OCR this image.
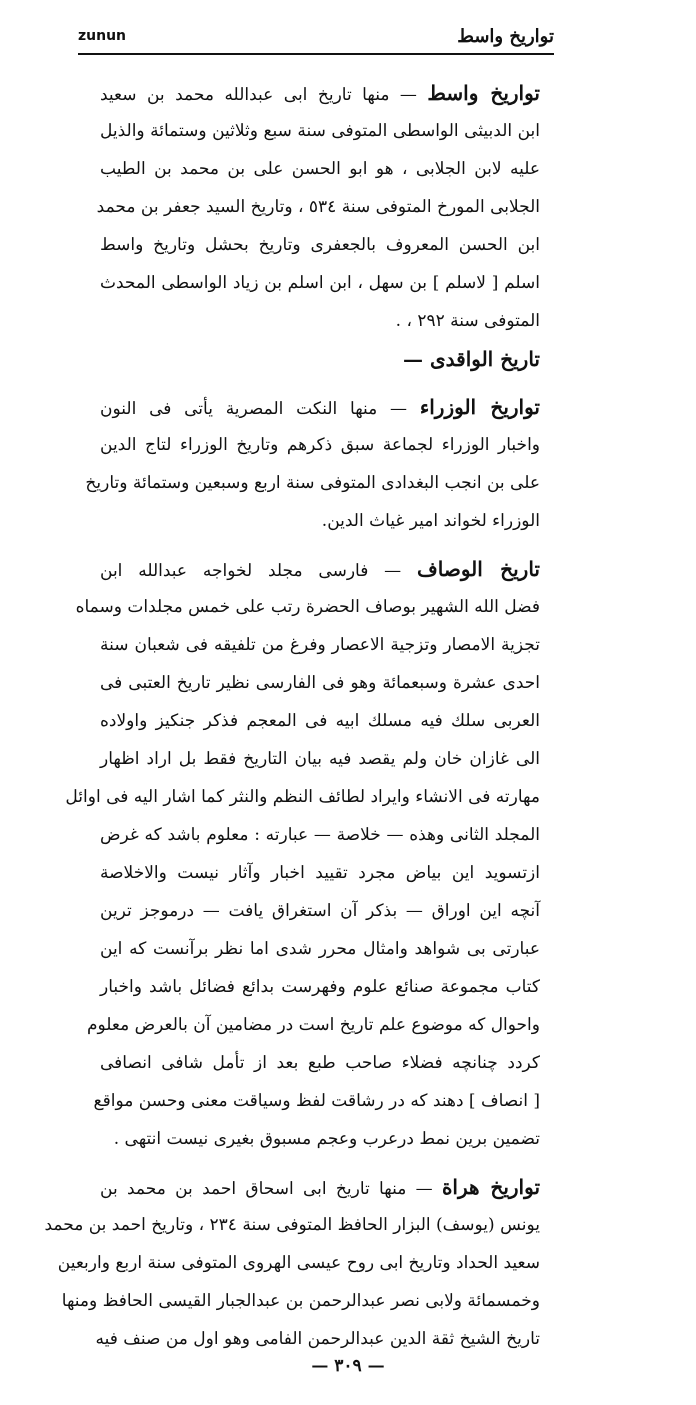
zunun	تواريخ واسط
تواريخ واسط — منها تاريخ ابى عبدالله محمد بن سعيد
ابن الدبيثى الواسطى المتوفى سنة سبع وثلاثين وستمائة والذيل
عليه لابن الجلابى ، هو ابو الحسن على بن محمد بن الطيب
الجلابى المورخ المتوفى سنة ٥٣٤ ، وتاريخ السيد جعفر بن محمد
ابن الحسن المعروف بالجعفرى وتاريخ بحشل وتاريخ واسط
اسلم [ لاسلم ] بن سهل ، ابن اسلم بن زياد الواسطى المحدث
المتوفى سنة ٢٩٢ ، .
تاريخ الواقدى —
تواريخ الوزراء — منها النكت المصرية يأتى فى النون
واخبار الوزراء لجماعة سبق ذكرهم وتاريخ الوزراء لتاج الدين
على بن انجب البغدادى المتوفى سنة اربع وسبعين وستمائة وتاريخ
الوزراء لخواند امير غياث الدين.
تاريخ الوصاف — فارسى مجلد لخواجه عبدالله ابن
فضل الله الشهير بوصاف الحضرة رتب على خمس مجلدات وسماه
تجزية الامصار وتزجية الاعصار وفرغ من تلفيقه فى شعبان سنة
احدى عشرة وسبعمائة وهو فى الفارسى نظير تاريخ العتبى فى
العربى سلك فيه مسلك ابيه فى المعجم فذكر جنكيز واولاده
الى غازان خان ولم يقصد فيه بيان التاريخ فقط بل اراد اظهار
مهارته فى الانشاء وايراد لطائف النظم والنثر كما اشار اليه فى اوائل
المجلد الثانى وهذه — خلاصة — عبارته : معلوم باشد كه غرض
ازتسويد اين بياض مجرد تقييد اخبار وآثار نيست والاخلاصة
آنچه اين اوراق — بذكر آن استغراق يافت — درموجز ترين
عبارتى بى شواهد وامثال محرر شدى اما نظر برآنست كه اين
كتاب مجموعة صنائع علوم وفهرست بدائع فضائل باشد واخبار
واحوال كه موضوع علم تاريخ است در مضامين آن بالعرض معلوم
كردد چنانچه فضلاء صاحب طبع بعد از تأمل شافى انصافى
[ انصاف ] دهند كه در رشاقت لفظ وسياقت معنى وحسن مواقع
تضمين برين نمط درعرب وعجم مسبوق بغيرى نيست انتهى .
تواريخ هراة — منها تاريخ ابى اسحاق احمد بن محمد بن
يونس (يوسف) البزار الحافظ المتوفى سنة ٢٣٤ ، وتاريخ احمد بن محمد
سعيد الحداد وتاريخ ابى روح عيسى الهروى المتوفى سنة اربع واربعين
وخمسمائة ولابى نصر عبدالرحمن بن عبدالجبار القيسى الحافظ ومنها
تاريخ الشيخ ثقة الدين عبدالرحمن الفامى وهو اول من صنف فيه
— ٣٠٩ —
